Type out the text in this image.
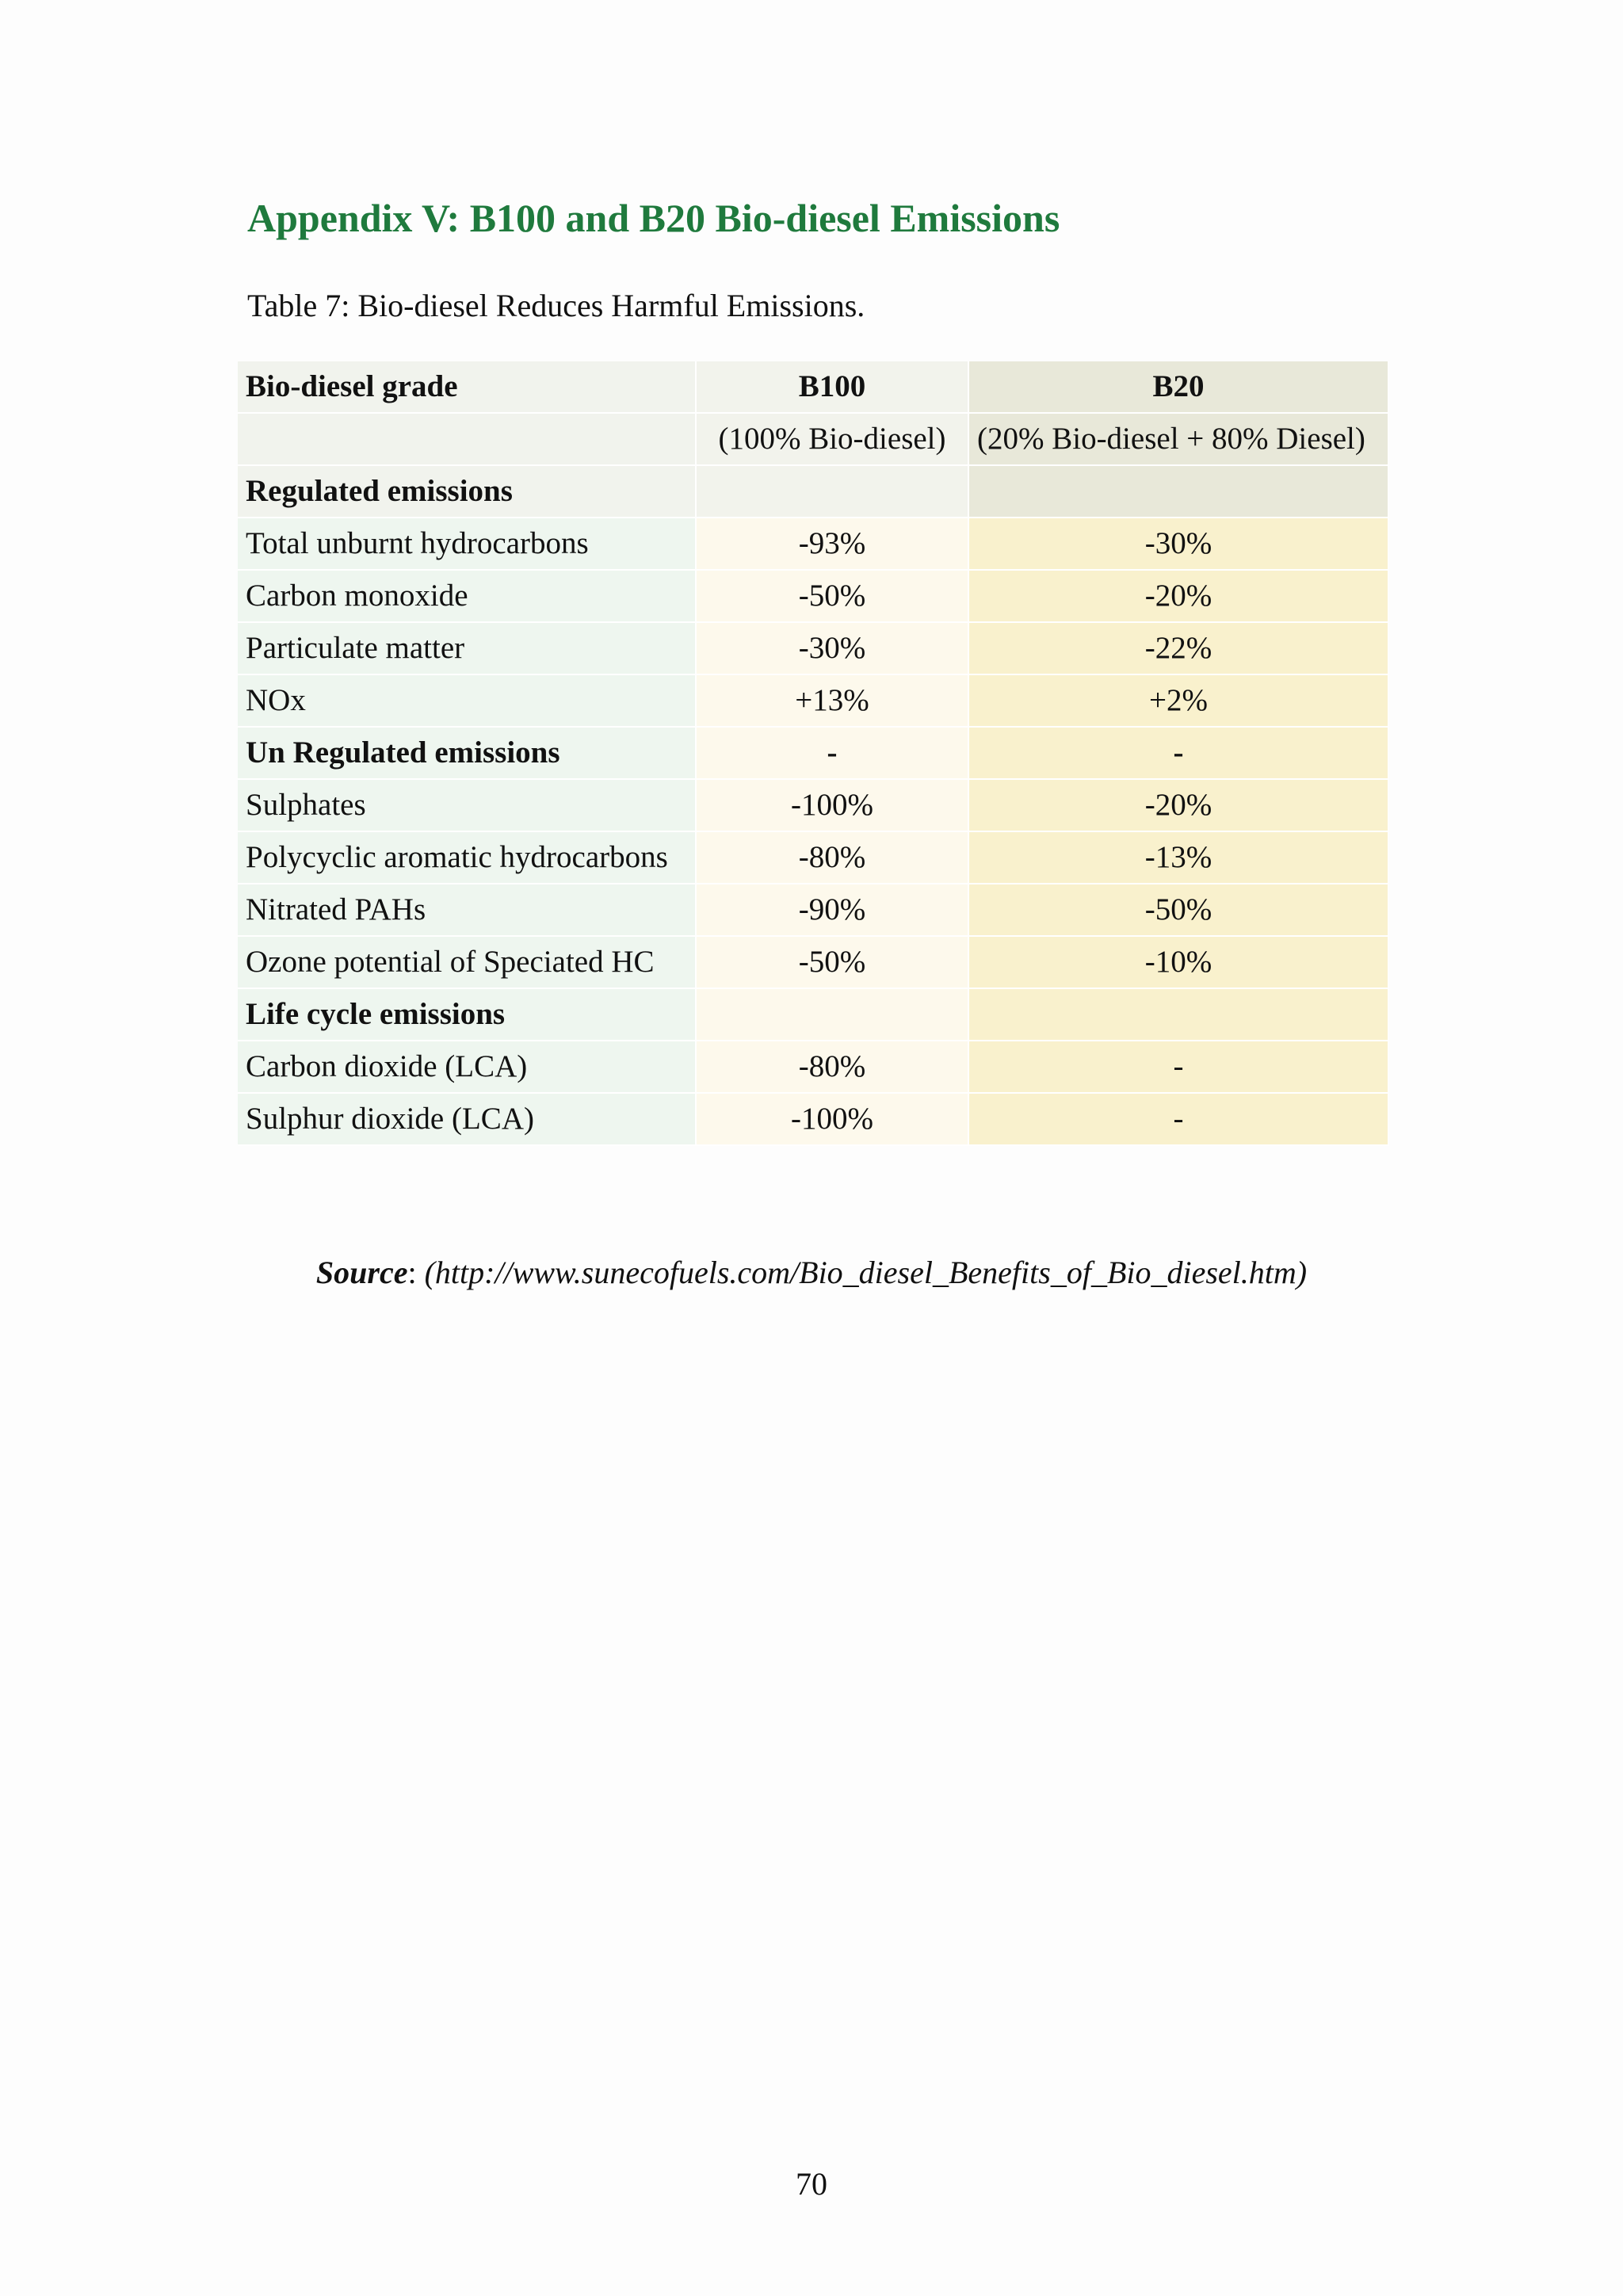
Appendix V: B100 and B20 Bio-diesel Emissions

Table 7: Bio-diesel Reduces Harmful Emissions.

Bio-diesel grade	B100	B20
	(100% Bio-diesel)	(20% Bio-diesel + 80% Diesel)
Regulated emissions		
Total unburnt hydrocarbons	-93%	-30%
Carbon monoxide	-50%	-20%
Particulate matter	-30%	-22%
NOx	+13%	+2%
Un Regulated emissions	-	-
Sulphates	-100%	-20%
Polycyclic aromatic hydrocarbons	-80%	-13%
Nitrated PAHs	-90%	-50%
Ozone potential of Speciated HC	-50%	-10%
Life cycle emissions		
Carbon dioxide (LCA)	-80%	-
Sulphur dioxide (LCA)	-100%	-

Source: (http://www.sunecofuels.com/Bio_diesel_Benefits_of_Bio_diesel.htm)

70
